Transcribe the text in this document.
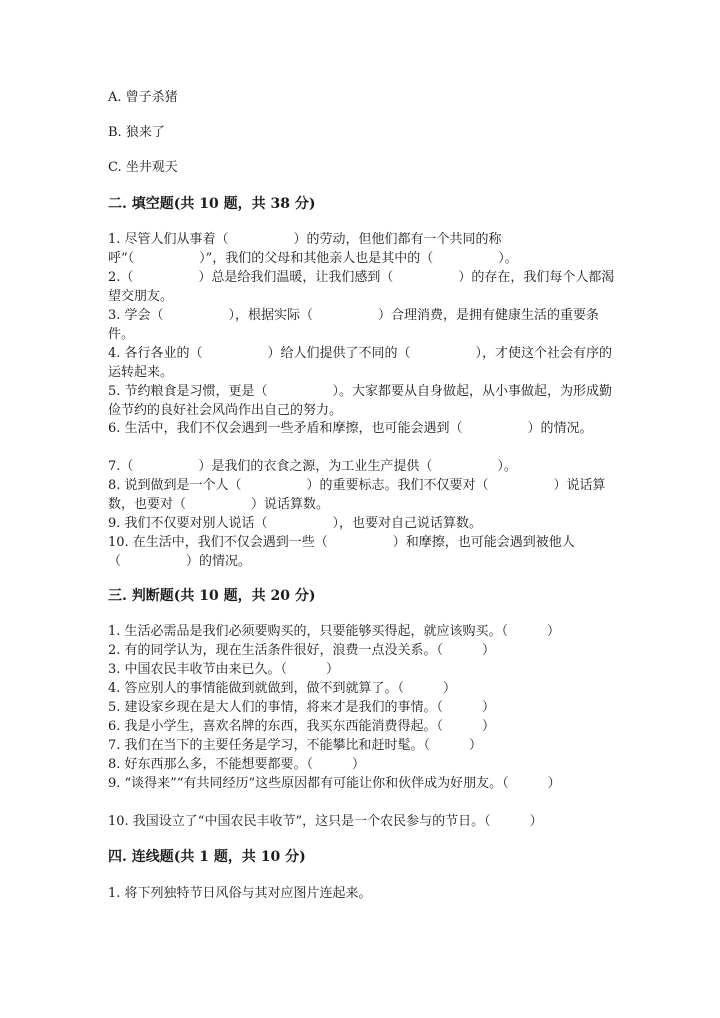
A. 曾子杀猪
B. 狼来了
C. 坐井观天
二. 填空题(共 10 题，共 38 分)
1. 尽管人们从事着（　　　　　）的劳动，但他们都有一个共同的称呼“（　　　　　）”，我们的父母和其他亲人也是其中的（　　　　　）。
2.（　　　　　）总是给我们温暖，让我们感到（　　　　　）的存在，我们每个人都渴望交朋友。
3. 学会（　　　　　），根据实际（　　　　　）合理消费，是拥有健康生活的重要条件。
4. 各行各业的（　　　　　）给人们提供了不同的（　　　　　），才使这个社会有序的运转起来。
5. 节约粮食是习惯，更是（　　　　　）。大家都要从自身做起，从小事做起，为形成勤俭节约的良好社会风尚作出自己的努力。
6. 生活中，我们不仅会遇到一些矛盾和摩擦，也可能会遇到（　　　　　）的情况。
7.（　　　　　）是我们的衣食之源，为工业生产提供（　　　　　）。
8. 说到做到是一个人（　　　　　）的重要标志。我们不仅要对（　　　　　）说话算数，也要对（　　　　　）说话算数。
9. 我们不仅要对别人说话（　　　　　），也要对自己说话算数。
10. 在生活中，我们不仅会遇到一些（　　　　　）和摩擦，也可能会遇到被他人（　　　　　）的情况。
三. 判断题(共 10 题，共 20 分)
1. 生活必需品是我们必须要购买的，只要能够买得起，就应该购买。（　　　）
2. 有的同学认为，现在生活条件很好，浪费一点没关系。（　　　）
3. 中国农民丰收节由来已久。（　　　）
4. 答应别人的事情能做到就做到，做不到就算了。（　　　）
5. 建设家乡现在是大人们的事情，将来才是我们的事情。（　　　）
6. 我是小学生，喜欢名牌的东西，我买东西能消费得起。（　　　）
7. 我们在当下的主要任务是学习，不能攀比和赶时髦。（　　　）
8. 好东西那么多，不能想要都要。（　　　）
9. “谈得来”“有共同经历”这些原因都有可能让你和伙伴成为好朋友。（　　　）
10. 我国设立了“中国农民丰收节”，这只是一个农民参与的节日。（　　　）
四. 连线题(共 1 题，共 10 分)
1. 将下列独特节日风俗与其对应图片连起来。
